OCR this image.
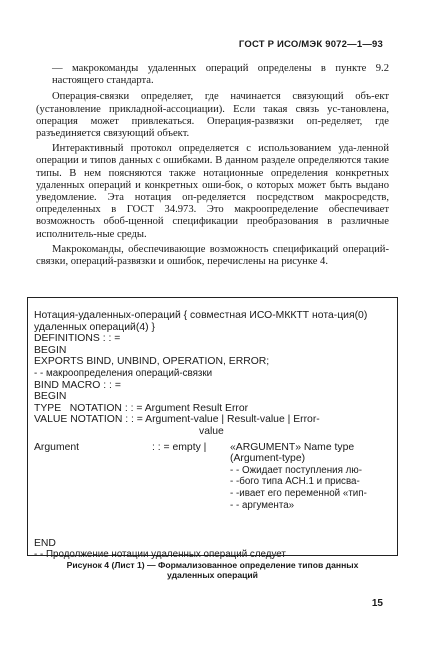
ГОСТ Р ИСО/МЭК 9072—1—93

— макрокоманды удаленных операций определены в пункте 9.2 настоящего стандарта.

Операция-связки определяет, где начинается связующий объ-ект (установление прикладной-ассоциации). Если такая связь ус-тановлена, операция может привлекаться. Операция-развязки оп-ределяет, где разъединяется связующий объект.

Интерактивный протокол определяется с использованием уда-ленной операции и типов данных с ошибками. В данном разделе определяются такие типы. В нем поясняются также нотационные определения конкретных удаленных операций и конкретных оши-бок, о которых может быть выдано уведомление. Эта нотация оп-ределяется посредством макросредств, определенных в ГОСТ 34.973. Это макроопределение обеспечивает возможность обоб-щенной спецификации преобразования в различные исполнитель-ные среды.

Макрокоманды, обеспечивающие возможность спецификаций операций-связки, операций-развязки и ошибок, перечислены на рисунке 4.

Нотация-удаленных-операций { совместная ИСО-МККТТ нота-ция(0) удаленных операций(4) }
DEFINITIONS : : =
BEGIN
EXPORTS BIND, UNBIND, OPERATION, ERROR;
- - макроопределения операций-связки
BIND MACRO : : =
BEGIN
TYPE   NOTATION : : = Argument Result Error
VALUE NOTATION : : = Argument-value | Result-value | Error-
value
Argument	: : = empty | «ARGUMENT» Name type
(Argument-type)
- - Ожидает поступления лю-
- -бого типа АСН.1 и присва-
- -ивает его переменной «тип-
- - аргумента»
END
- - Продолжение нотации удаленных операций следует
Рисунок 4 (Лист 1) — Формализованное определение типов данных
удаленных операций
15
